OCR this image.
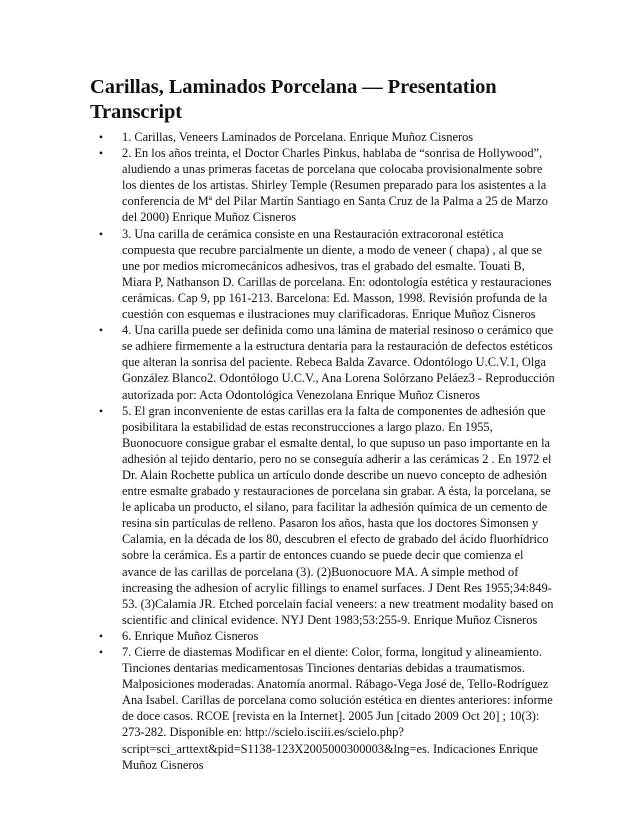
Carillas, Laminados Porcelana — Presentation Transcript
• 1. Carillas, Veneers Laminados de Porcelana. Enrique Muñoz Cisneros
• 2. En los años treinta, el Doctor Charles Pinkus, hablaba de “sonrisa de Hollywood”, aludiendo a unas primeras facetas de porcelana que colocaba provisionalmente sobre los dientes de los artistas. Shirley Temple (Resumen preparado para los asistentes a la conferencia de Mª del Pilar Martín Santiago en Santa Cruz de la Palma a 25 de Marzo del 2000) Enrique Muñoz Cisneros
• 3. Una carilla de cerámica consiste en una Restauración extracoronal estética compuesta que recubre parcialmente un diente, a modo de veneer ( chapa) , al que se une por medios micromecánicos adhesivos, tras el grabado del esmalte. Touati B, Miara P, Nathanson D. Carillas de porcelana. En: odontología estética y restauraciones cerámicas. Cap 9, pp 161-213. Barcelona: Ed. Masson, 1998. Revisión profunda de la cuestión con esquemas e ilustraciones muy clarificadoras. Enrique Muñoz Cisneros
• 4. Una carilla puede ser definida como una lámina de material resinoso o cerámico que se adhiere firmemente a la estructura dentaria para la restauración de defectos estéticos que alteran la sonrisa del paciente. Rebeca Balda Zavarce. Odontólogo U.C.V.1, Olga González Blanco2. Odontólogo U.C.V., Ana Lorena Solórzano Peláez3 - Reproducción autorizada por: Acta Odontológica Venezolana Enrique Muñoz Cisneros
• 5. El gran inconveniente de estas carillas era la falta de componentes de adhesión que posibilitara la estabilidad de estas reconstrucciones a largo plazo. En 1955, Buonocuore consigue grabar el esmalte dental, lo que supuso un paso importante en la adhesión al tejido dentario, pero no se conseguía adherir a las cerámicas 2 . En 1972 el Dr. Alain Rochette publica un artículo donde describe un nuevo concepto de adhesión entre esmalte grabado y restauraciones de porcelana sin grabar. A ésta, la porcelana, se le aplicaba un producto, el silano, para facilitar la adhesión química de un cemento de resina sin partículas de relleno. Pasaron los años, hasta que los doctores Simonsen y Calamia, en la década de los 80, descubren el efecto de grabado del ácido fluorhídrico sobre la cerámica. Es a partir de entonces cuando se puede decir que comienza el avance de las carillas de porcelana (3). (2)Buonocuore MA. A simple method of increasing the adhesion of acrylic fillings to enamel surfaces. J Dent Res 1955;34:849-53. (3)Calamia JR. Etched porcelain facial veneers: a new treatment modality based on scientific and clinical evidence. NYJ Dent 1983;53:255-9. Enrique Muñoz Cisneros
• 6. Enrique Muñoz Cisneros
• 7. Cierre de diastemas Modificar en el diente: Color, forma, longitud y alineamiento. Tinciones dentarias medicamentosas Tinciones dentarias debidas a traumatismos. Malposiciones moderadas. Anatomía anormal. Rábago-Vega José de, Tello-Rodríguez Ana Isabel. Carillas de porcelana como solución estética en dientes anteriores: informe de doce casos. RCOE [revista en la Internet]. 2005 Jun [citado 2009 Oct 20] ; 10(3): 273-282. Disponible en: http://scielo.isciii.es/scielo.php?script=sci_arttext&pid=S1138-123X2005000300003&lng=es. Indicaciones Enrique Muñoz Cisneros
